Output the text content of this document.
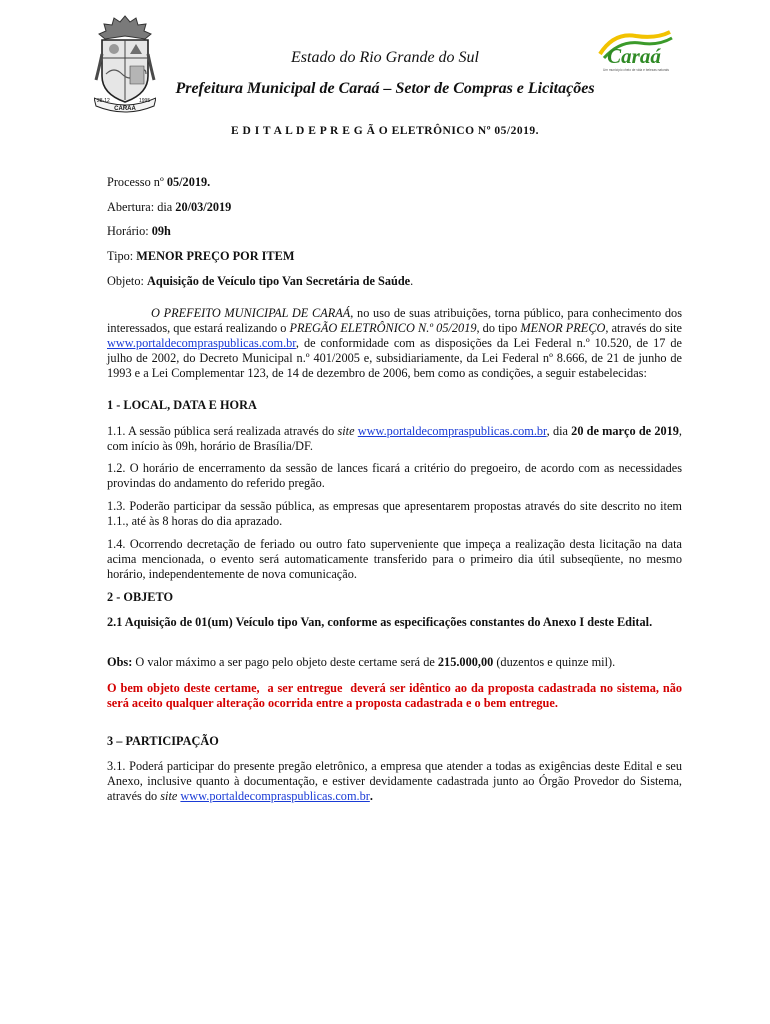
28·12	1995
CARAÁ
Caraá
Um município cheio de vida e belezas naturais
Estado do Rio Grande do Sul
Prefeitura Municipal de Caraá – Setor de Compras e Licitações
E D I T A L D E P R E G Ã O ELETRÔNICO Nº 05/2019.
Processo nº 05/2019.
Abertura: dia 20/03/2019
Horário: 09h
Tipo: MENOR PREÇO POR ITEM
Objeto: Aquisição de Veículo tipo Van Secretária de Saúde.
O PREFEITO MUNICIPAL DE CARAÁ, no uso de suas atribuições, torna público, para conhecimento dos interessados, que estará realizando o PREGÃO ELETRÔNICO N.º 05/2019, do tipo MENOR PREÇO, através do site www.portaldecompraspublicas.com.br, de conformidade com as disposições da Lei Federal n.º 10.520, de 17 de julho de 2002, do Decreto Municipal n.º 401/2005 e, subsidiariamente, da Lei Federal nº 8.666, de 21 de junho de 1993 e a Lei Complementar 123, de 14 de dezembro de 2006, bem como as condições, a seguir estabelecidas:
1 - LOCAL, DATA E HORA
1.1. A sessão pública será realizada através do site www.portaldecompraspublicas.com.br, dia 20 de março de 2019, com início às 09h, horário de Brasília/DF.
1.2. O horário de encerramento da sessão de lances ficará a critério do pregoeiro, de acordo com as necessidades provindas do andamento do referido pregão.
1.3. Poderão participar da sessão pública, as empresas que apresentarem propostas através do site descrito no item 1.1., até às 8 horas do dia aprazado.
1.4. Ocorrendo decretação de feriado ou outro fato superveniente que impeça a realização desta licitação na data acima mencionada, o evento será automaticamente transferido para o primeiro dia útil subseqüente, no mesmo horário, independentemente de nova comunicação.
2 - OBJETO
2.1 Aquisição de 01(um) Veículo tipo Van, conforme as especificações constantes do Anexo I deste Edital.
Obs: O valor máximo a ser pago pelo objeto deste certame será de 215.000,00 (duzentos e quinze mil).
O bem objeto deste certame,  a ser entregue  deverá ser idêntico ao da proposta cadastrada no sistema, não será aceito qualquer alteração ocorrida entre a proposta cadastrada e o bem entregue.
3 – PARTICIPAÇÃO
3.1. Poderá participar do presente pregão eletrônico, a empresa que atender a todas as exigências deste Edital e seu Anexo, inclusive quanto à documentação, e estiver devidamente cadastrada junto ao Órgão Provedor do Sistema, através do site www.portaldecompraspublicas.com.br.
